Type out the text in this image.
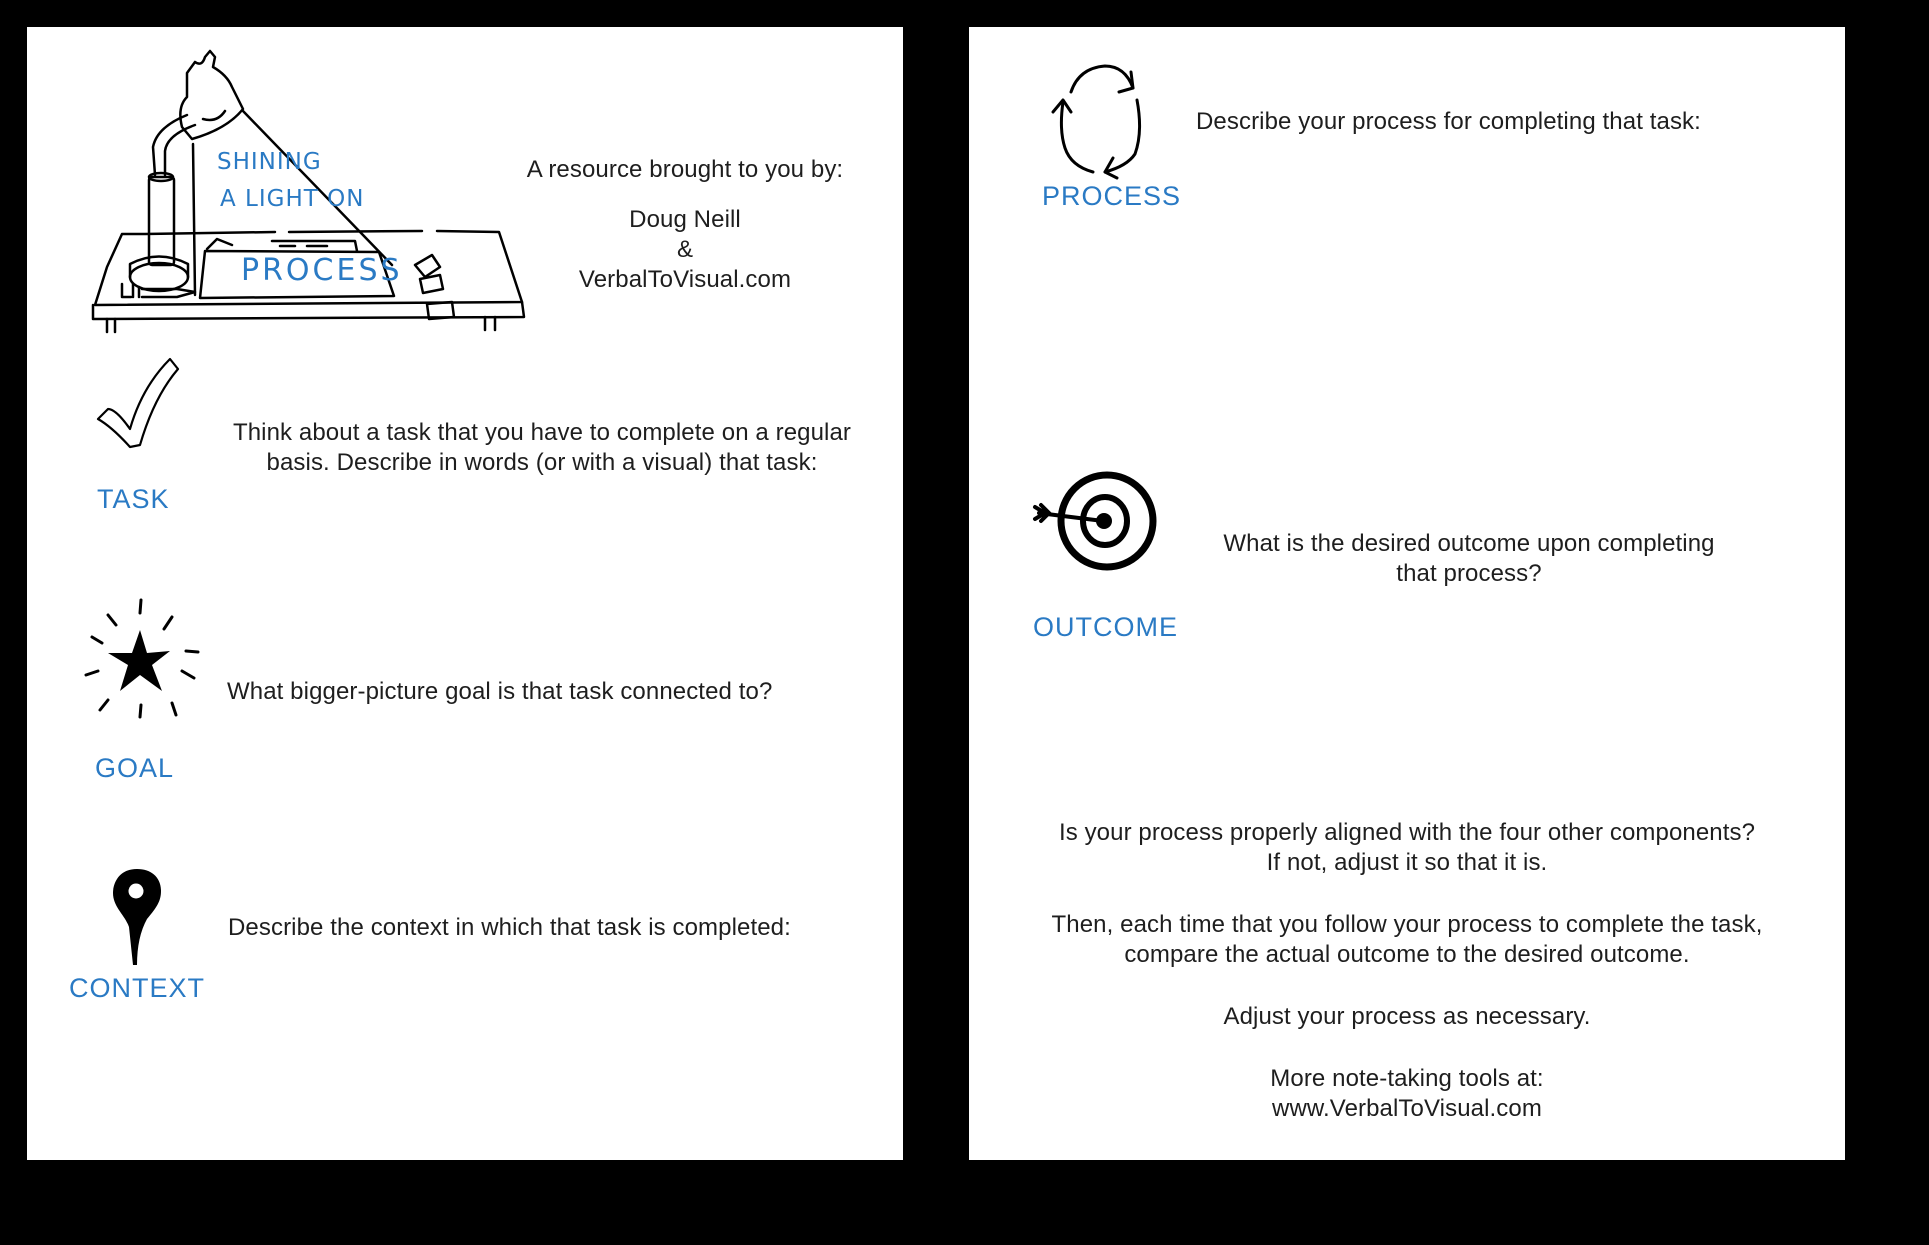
SHINING
A LIGHT ON
PROCESS
A resource brought to you by:
Doug Neill
&
VerbalToVisual.com
TASK
Think about a task that you have to complete on a regular
basis. Describe in words (or with a visual) that task:
GOAL
What bigger-picture goal is that task connected to?
CONTEXT
Describe the context in which that task is completed:
PROCESS
Describe your process for completing that task:
OUTCOME
What is the desired outcome upon completing
that process?
Is your process properly aligned with the four other components?
If not, adjust it so that it is.
Then, each time that you follow your process to complete the task,
compare the actual outcome to the desired outcome.
Adjust your process as necessary.
More note-taking tools at:
www.VerbalToVisual.com
